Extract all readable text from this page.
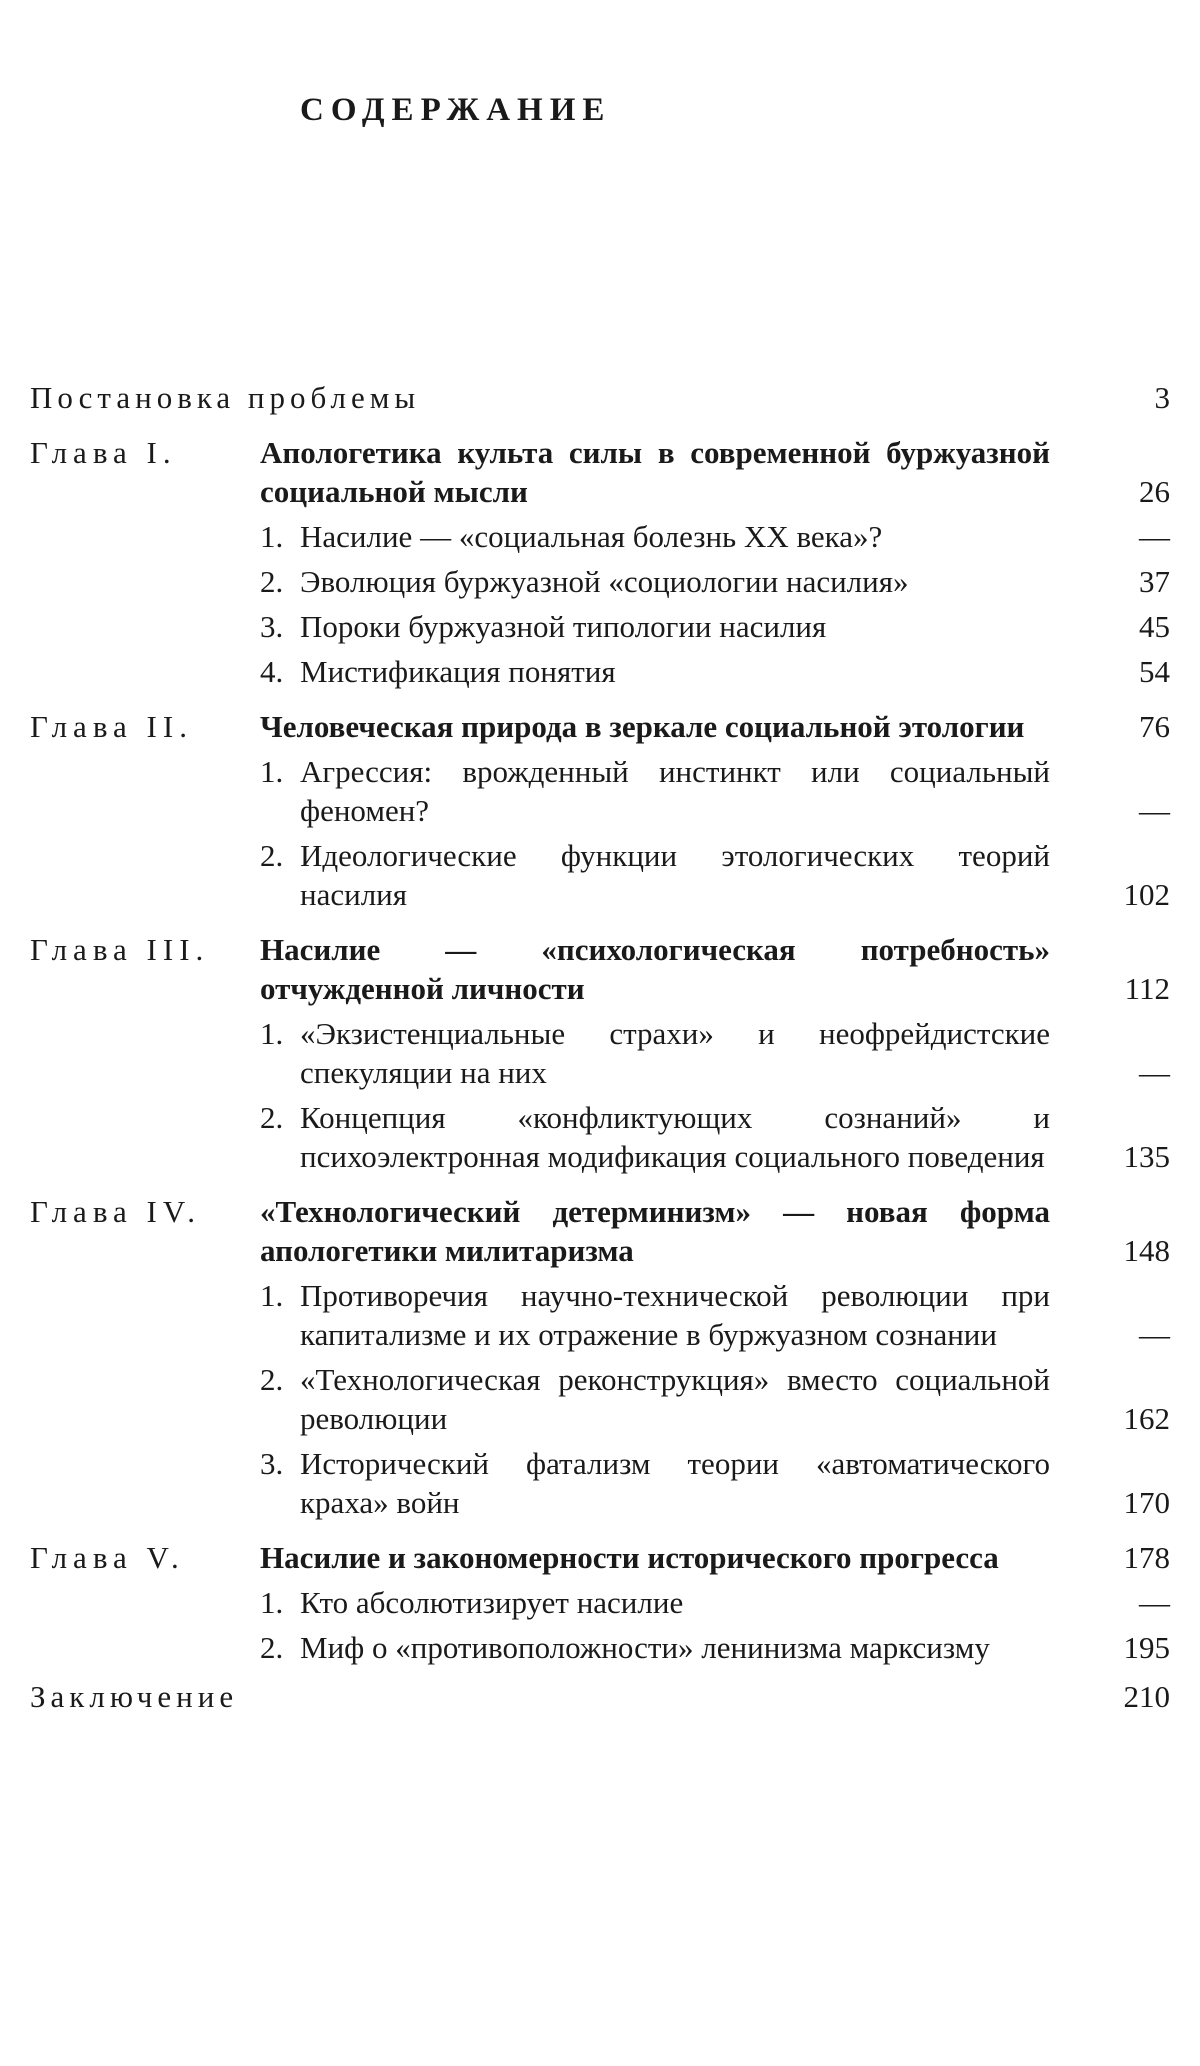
СОДЕРЖАНИЕ
Постановка проблемы	3
Глава I.	Апологетика культа силы в современной буржуазной социальной мысли	26
1. Насилие — «социальная болезнь XX века»?	—
2. Эволюция буржуазной «социологии насилия»	37
3. Пороки буржуазной типологии насилия	45
4. Мистификация понятия	54
Глава II. Человеческая природа в зеркале социальной этологии	76
1. Агрессия: врожденный инстинкт или социальный феномен?	—
2. Идеологические функции этологических теорий насилия	102
Глава III. Насилие — «психологическая потребность» отчужденной личности	112
1. «Экзистенциальные страхи» и неофрейдистские спекуляции на них	—
2. Концепция «конфликтующих сознаний» и психоэлектронная модификация социального поведения	135
Глава IV. «Технологический детерминизм» — новая форма апологетики милитаризма	148
1. Противоречия научно-технической революции при капитализме и их отражение в буржуазном сознании	—
2. «Технологическая реконструкция» вместо социальной революции	162
3. Исторический фатализм теории «автоматического краха» войн	170
Глава V. Насилие и закономерности исторического прогресса	178
1. Кто абсолютизирует насилие	—
2. Миф о «противоположности» ленинизма марксизму	195
Заключение	210
